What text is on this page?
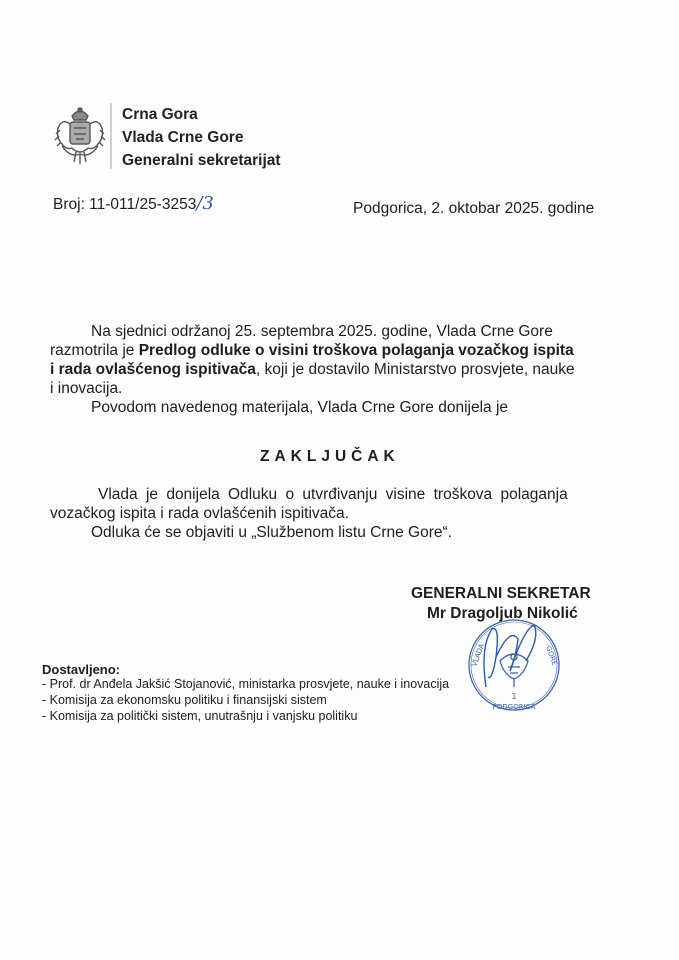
Crna Gora
Vlada Crne Gore
Generalni sekretarijat
Broj: 11-011/25-3253/3	Podgorica, 2. oktobar 2025. godine
Na sjednici održanoj 25. septembra 2025. godine, Vlada Crne Gore
razmotrila je Predlog odluke o visini troškova polaganja vozačkog ispita
i rada ovlašćenog ispitivača, koji je dostavilo Ministarstvo prosvjete, nauke
i inovacija.
Povodom navedenog materijala, Vlada Crne Gore donijela je
ZAKLJUČAK
Vlada je donijela Odluku o utvrđivanju visine troškova polaganja
vozačkog ispita i rada ovlašćenih ispitivača.
Odluka će se objaviti u „Službenom listu Crne Gore“.
GENERALNI SEKRETAR
Mr Dragoljub Nikolić
1
PODGORICA
VLADA	GORE
Dostavljeno:
- Prof. dr Anđela Jakšić Stojanović, ministarka prosvjete, nauke i inovacija
- Komisija za ekonomsku politiku i finansijski sistem
- Komisija za politički sistem, unutrašnju i vanjsku politiku
